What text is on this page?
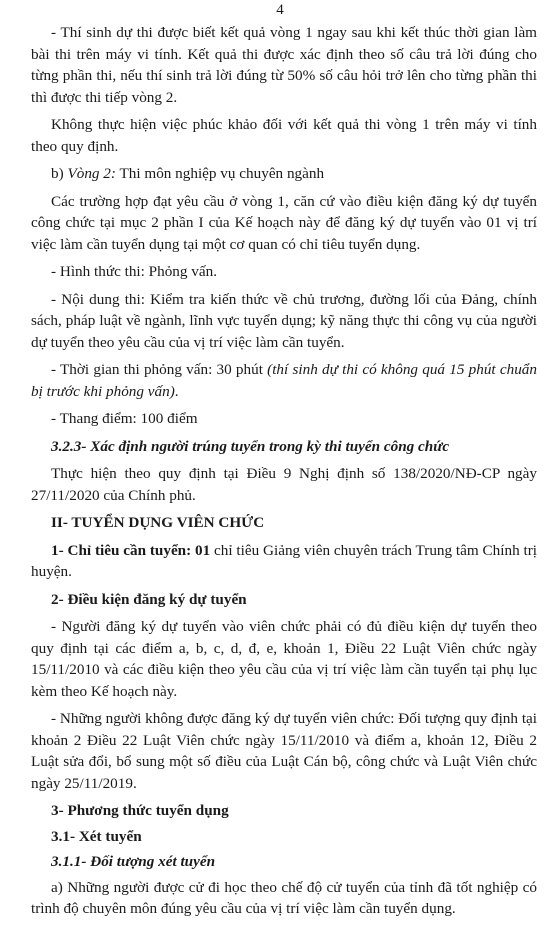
4

- Thí sinh dự thi được biết kết quả vòng 1 ngay sau khi kết thúc thời gian làm bài thi trên máy vi tính. Kết quả thi được xác định theo số câu trả lời đúng cho từng phần thi, nếu thí sinh trả lời đúng từ 50% số câu hỏi trở lên cho từng phần thi thì được thi tiếp vòng 2.

Không thực hiện việc phúc khảo đối với kết quả thi vòng 1 trên máy vi tính theo quy định.

b) Vòng 2: Thi môn nghiệp vụ chuyên ngành

Các trường hợp đạt yêu cầu ở vòng 1, căn cứ vào điều kiện đăng ký dự tuyển công chức tại mục 2 phần I của Kế hoạch này để đăng ký dự tuyển vào 01 vị trí việc làm cần tuyển dụng tại một cơ quan có chỉ tiêu tuyển dụng.

- Hình thức thi: Phỏng vấn.

- Nội dung thi: Kiểm tra kiến thức về chủ trương, đường lối của Đảng, chính sách, pháp luật về ngành, lĩnh vực tuyển dụng; kỹ năng thực thi công vụ của người dự tuyển theo yêu cầu của vị trí việc làm cần tuyển.

- Thời gian thi phỏng vấn: 30 phút (thí sinh dự thi có không quá 15 phút chuẩn bị trước khi phỏng vấn).

- Thang điểm: 100 điểm

3.2.3- Xác định người trúng tuyển trong kỳ thi tuyển công chức

Thực hiện theo quy định tại Điều 9 Nghị định số 138/2020/NĐ-CP ngày 27/11/2020 của Chính phủ.

II- TUYỂN DỤNG VIÊN CHỨC

1- Chỉ tiêu cần tuyển: 01 chỉ tiêu Giảng viên chuyên trách Trung tâm Chính trị huyện.

2- Điều kiện đăng ký dự tuyển

- Người đăng ký dự tuyển vào viên chức phải có đủ điều kiện dự tuyển theo quy định tại các điểm a, b, c, d, đ, e, khoản 1, Điều 22 Luật Viên chức ngày 15/11/2010 và các điều kiện theo yêu cầu của vị trí việc làm cần tuyển tại phụ lục kèm theo Kế hoạch này.

- Những người không được đăng ký dự tuyển viên chức: Đối tượng quy định tại khoản 2 Điều 22 Luật Viên chức ngày 15/11/2010 và điểm a, khoản 12, Điều 2 Luật sửa đổi, bổ sung một số điều của Luật Cán bộ, công chức và Luật Viên chức ngày 25/11/2019.

3- Phương thức tuyển dụng

3.1- Xét tuyển

3.1.1- Đối tượng xét tuyển

a) Những người được cử đi học theo chế độ cử tuyển của tỉnh đã tốt nghiệp có trình độ chuyên môn đúng yêu cầu của vị trí việc làm cần tuyển dụng.
